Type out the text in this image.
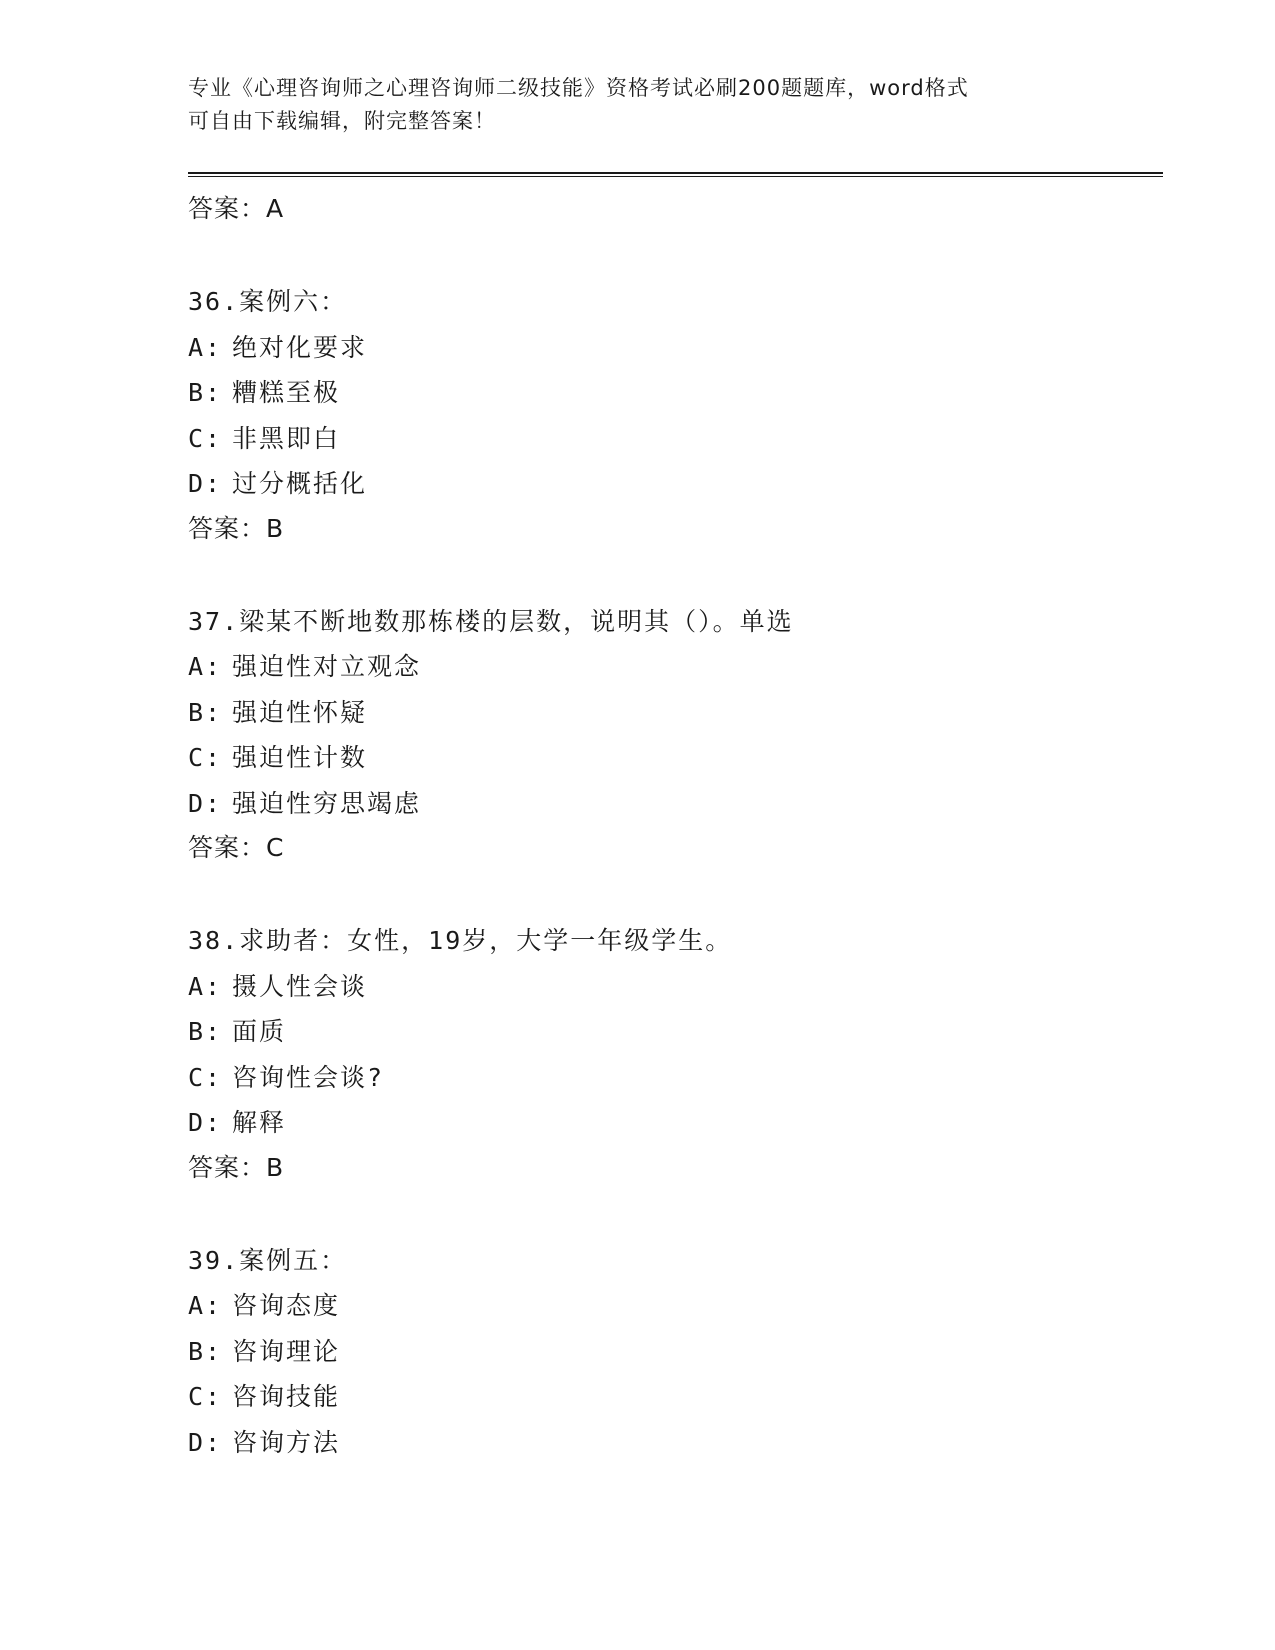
专业《心理咨询师之心理咨询师二级技能》资格考试必刷200题题库，word格式
可自由下载编辑，附完整答案！
答案：A
36.案例六：
A: 绝对化要求
B: 糟糕至极
C: 非黑即白
D: 过分概括化
答案：B
37.梁某不断地数那栋楼的层数，说明其（）。单选
A: 强迫性对立观念
B: 强迫性怀疑
C: 强迫性计数
D: 强迫性穷思竭虑
答案：C
38.求助者：女性，19岁，大学一年级学生。
A: 摄人性会谈
B: 面质
C: 咨询性会谈?
D: 解释
答案：B
39.案例五：
A: 咨询态度
B: 咨询理论
C: 咨询技能
D: 咨询方法
